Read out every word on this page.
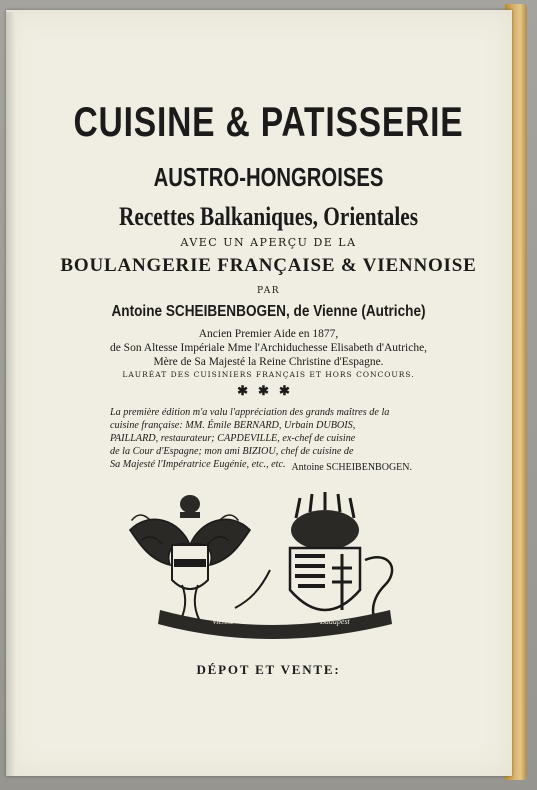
CUISINE & PATISSERIE
AUSTRO-HONGROISES
Recettes Balkaniques, Orientales
AVEC UN APERÇU DE LA
BOULANGERIE FRANÇAISE & VIENNOISE
PAR
Antoine SCHEIBENBOGEN, de Vienne (Autriche)
Ancien Premier Aide en 1877,
de Son Altesse Impériale Mme l'Archiduchesse Elisabeth d'Autriche,
Mère de Sa Majesté la Reine Christine d'Espagne.
LAURÉAT DES CUISINIERS FRANÇAIS ET HORS CONCOURS.
✱✱✱
La première édition m'a valu l'appréciation des grands maîtres de la
cuisine française: MM. Émile BERNARD, Urbain DUBOIS,
PAILLARD, restaurateur; CAPDEVILLE, ex-chef de cuisine
de la Cour d'Espagne; mon ami BIZIOU, chef de cuisine de
Sa Majesté l'Impératrice Eugénie, etc., etc. Antoine SCHEIBENBOGEN.
Vienne	Budapest
DÉPOT ET VENTE:
